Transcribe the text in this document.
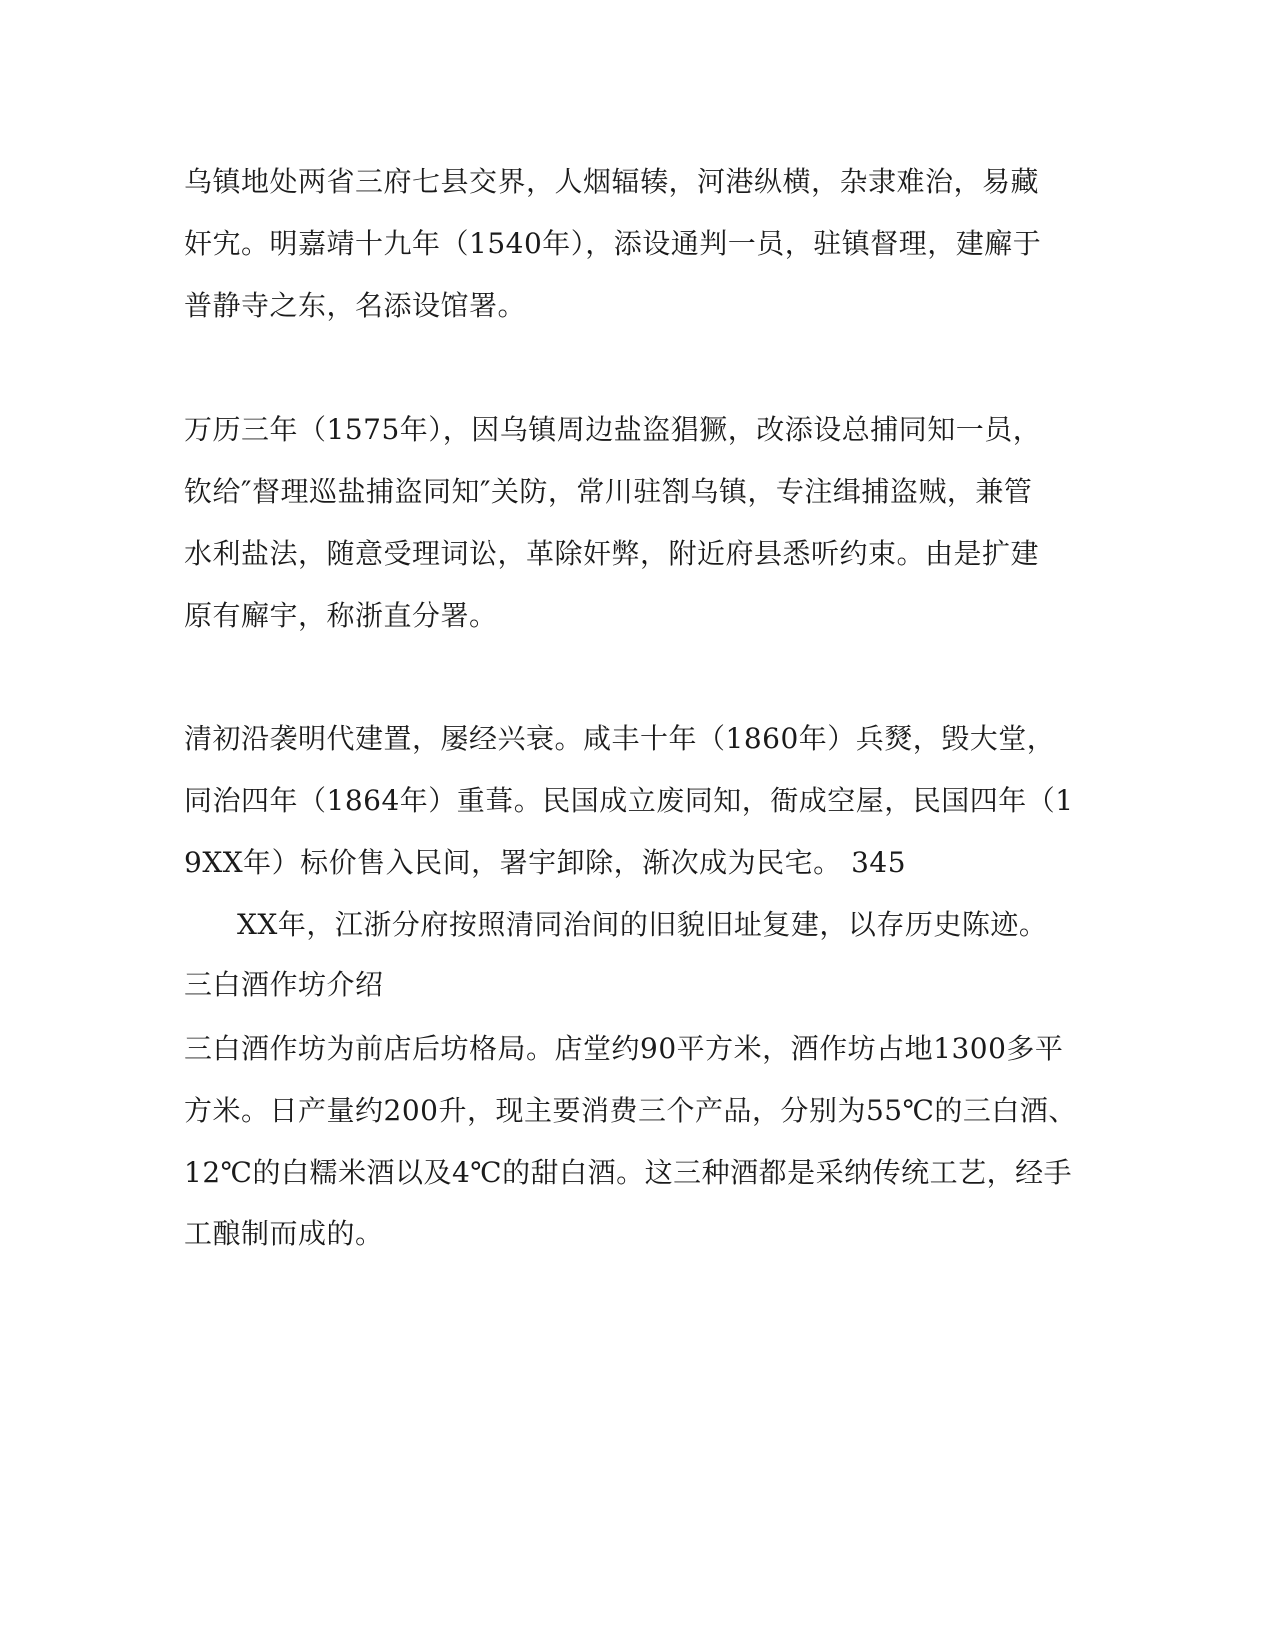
乌镇地处两省三府七县交界，人烟辐辏，河港纵横，杂隶难治，易藏

奸宄。明嘉靖十九年（1540年），添设通判一员，驻镇督理，建廨于

普静寺之东，名添设馆署。

万历三年（1575年），因乌镇周边盐盗猖獗，改添设总捕同知一员，

钦给″督理巡盐捕盗同知″关防，常川驻劄乌镇，专注缉捕盗贼，兼管

水利盐法，随意受理词讼，革除奸弊，附近府县悉听约束。由是扩建

原有廨宇，称浙直分署。

清初沿袭明代建置，屡经兴衰。咸丰十年（1860年）兵燹，毁大堂，

同治四年（1864年）重葺。民国成立废同知，衙成空屋，民国四年（1

9XX年）标价售入民间，署宇卸除，渐次成为民宅。 345

XX年，江浙分府按照清同治间的旧貌旧址复建，以存历史陈迹。

三白酒作坊介绍

三白酒作坊为前店后坊格局。店堂约90平方米，酒作坊占地1300多平

方米。日产量约200升，现主要消费三个产品，分别为55℃的三白酒、

12℃的白糯米酒以及4℃的甜白酒。这三种酒都是采纳传统工艺，经手

工酿制而成的。
